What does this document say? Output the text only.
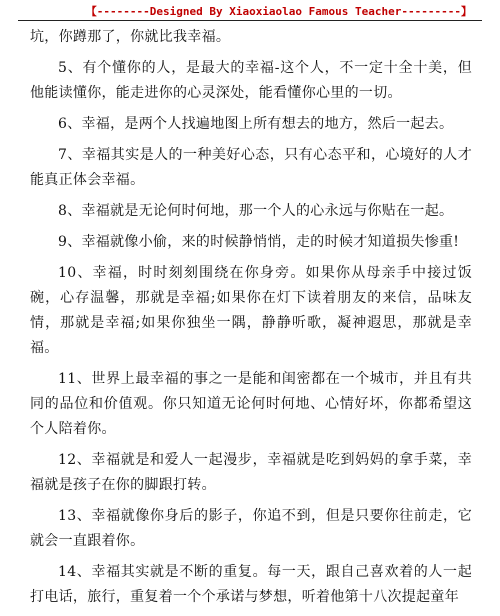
【--------Designed By Xiaoxiaolao Famous Teacher---------】

坑，你蹲那了，你就比我幸福。

5、有个懂你的人，是最大的幸福-这个人，不一定十全十美，但他能读懂你，能走进你的心灵深处，能看懂你心里的一切。

6、幸福，是两个人找遍地图上所有想去的地方，然后一起去。

7、幸福其实是人的一种美好心态，只有心态平和，心境好的人才能真正体会幸福。

8、幸福就是无论何时何地，那一个人的心永远与你贴在一起。

9、幸福就像小偷，来的时候静悄悄，走的时候才知道损失惨重!

10、幸福，时时刻刻围绕在你身旁。如果你从母亲手中接过饭碗，心存温馨，那就是幸福;如果你在灯下读着朋友的来信，品味友情，那就是幸福;如果你独坐一隅，静静听歌，凝神遐思，那就是幸福。

11、世界上最幸福的事之一是能和闺密都在一个城市，并且有共同的品位和价值观。你只知道无论何时何地、心情好坏，你都希望这个人陪着你。

12、幸福就是和爱人一起漫步，幸福就是吃到妈妈的拿手菜，幸福就是孩子在你的脚跟打转。

13、幸福就像你身后的影子，你追不到，但是只要你往前走，它就会一直跟着你。

14、幸福其实就是不断的重复。每一天，跟自己喜欢着的人一起打电话，旅行，重复着一个个承诺与梦想，听着他第十八次提起童年
